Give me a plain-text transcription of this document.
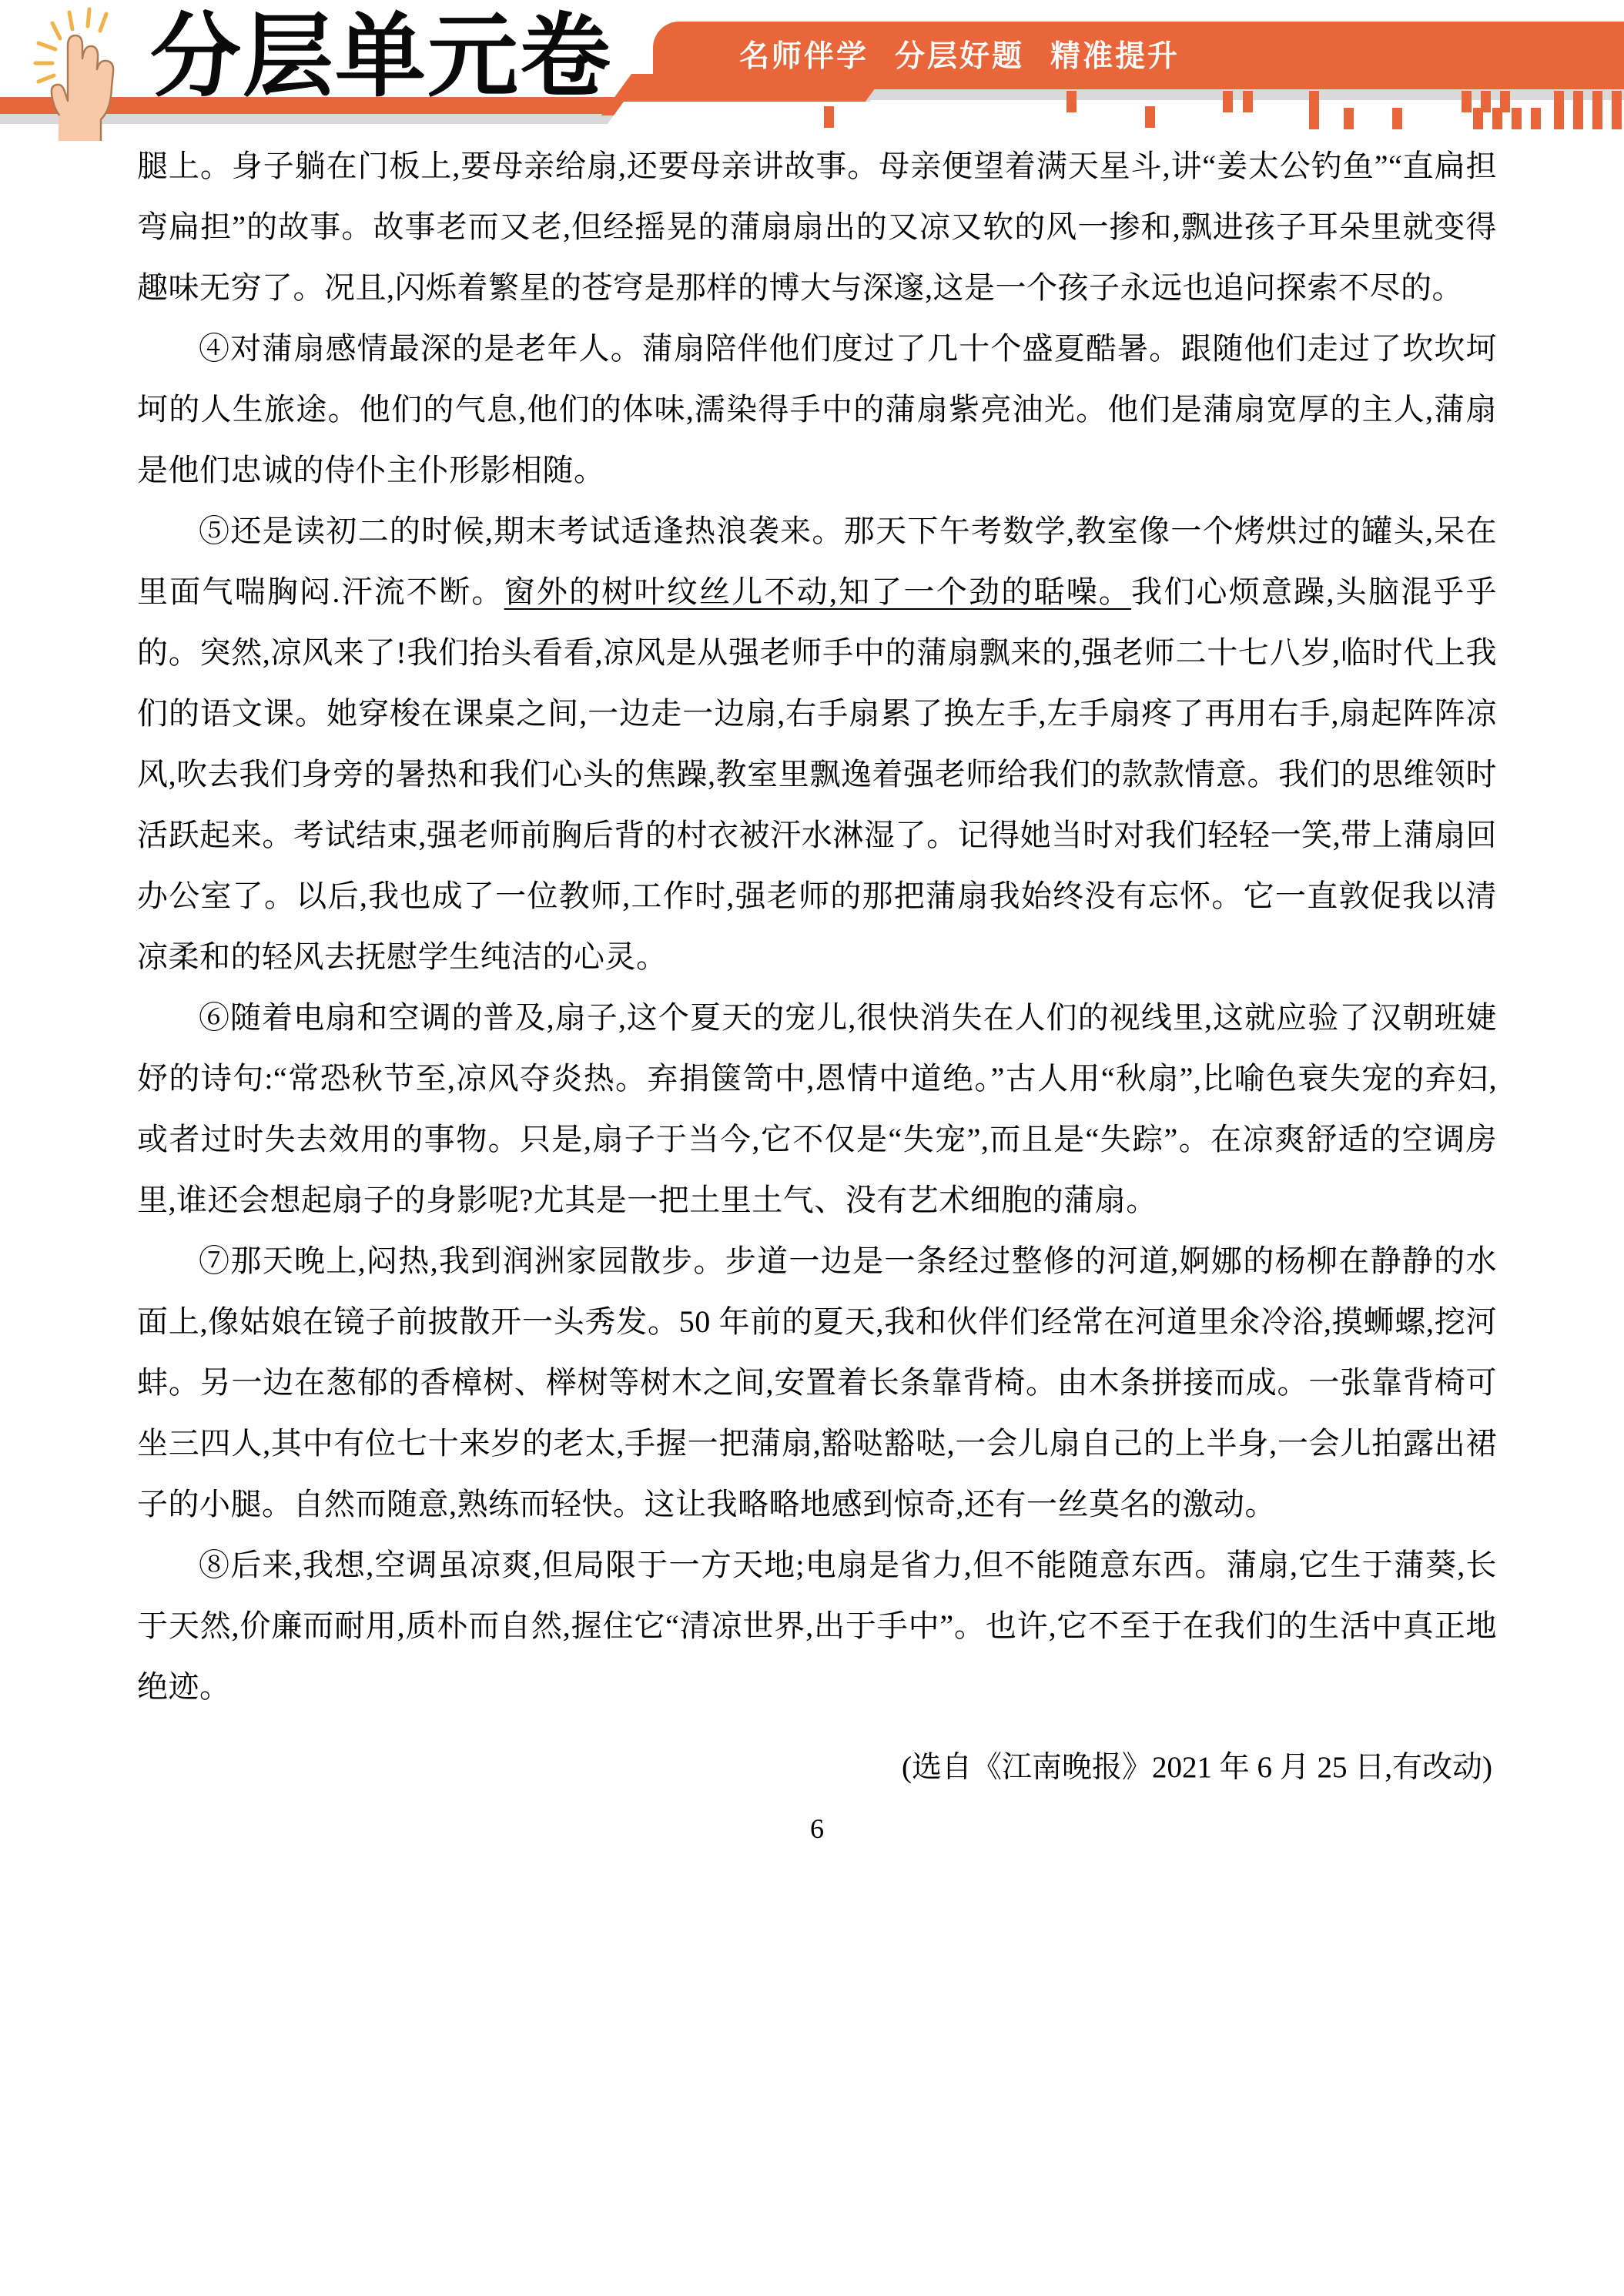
名师伴学 分层好题 精准提升
分层单元卷
腿上。身子躺在门板上,要母亲给扇,还要母亲讲故事。母亲便望着满天星斗,讲“姜太公钓鱼”“直扁担弯扁担”的故事。故事老而又老,但经摇晃的蒲扇扇出的又凉又软的风一掺和,飘进孩子耳朵里就变得趣味无穷了。况且,闪烁着繁星的苍穹是那样的博大与深邃,这是一个孩子永远也追问探索不尽的。
④对蒲扇感情最深的是老年人。蒲扇陪伴他们度过了几十个盛夏酷暑。跟随他们走过了坎坎坷坷的人生旅途。他们的气息,他们的体味,濡染得手中的蒲扇紫亮油光。他们是蒲扇宽厚的主人,蒲扇是他们忠诚的侍仆主仆形影相随。
⑤还是读初二的时候,期末考试适逢热浪袭来。那天下午考数学,教室像一个烤烘过的罐头,呆在里面气喘胸闷.汗流不断。窗外的树叶纹丝儿不动,知了一个劲的聒噪。我们心烦意躁,头脑混乎乎的。突然,凉风来了!我们抬头看看,凉风是从强老师手中的蒲扇飘来的,强老师二十七八岁,临时代上我们的语文课。她穿梭在课桌之间,一边走一边扇,右手扇累了换左手,左手扇疼了再用右手,扇起阵阵凉风,吹去我们身旁的暑热和我们心头的焦躁,教室里飘逸着强老师给我们的款款情意。我们的思维领时活跃起来。考试结束,强老师前胸后背的村衣被汗水淋湿了。记得她当时对我们轻轻一笑,带上蒲扇回办公室了。以后,我也成了一位教师,工作时,强老师的那把蒲扇我始终没有忘怀。它一直敦促我以清凉柔和的轻风去抚慰学生纯洁的心灵。
⑥随着电扇和空调的普及,扇子,这个夏天的宠儿,很快消失在人们的视线里,这就应验了汉朝班婕妤的诗句:“常恐秋节至,凉风夺炎热。弃捐箧笥中,恩情中道绝。”古人用“秋扇”,比喻色衰失宠的弃妇,或者过时失去效用的事物。只是,扇子于当今,它不仅是“失宠”,而且是“失踪”。在凉爽舒适的空调房里,谁还会想起扇子的身影呢?尤其是一把土里土气、没有艺术细胞的蒲扇。
⑦那天晚上,闷热,我到润洲家园散步。步道一边是一条经过整修的河道,婀娜的杨柳在静静的水面上,像姑娘在镜子前披散开一头秀发。50 年前的夏天,我和伙伴们经常在河道里氽冷浴,摸蛳螺,挖河蚌。另一边在葱郁的香樟树、榉树等树木之间,安置着长条靠背椅。由木条拼接而成。一张靠背椅可坐三四人,其中有位七十来岁的老太,手握一把蒲扇,豁哒豁哒,一会儿扇自己的上半身,一会儿拍露出裙子的小腿。自然而随意,熟练而轻快。这让我略略地感到惊奇,还有一丝莫名的激动。
⑧后来,我想,空调虽凉爽,但局限于一方天地;电扇是省力,但不能随意东西。蒲扇,它生于蒲葵,长于天然,价廉而耐用,质朴而自然,握住它“清凉世界,出于手中”。也许,它不至于在我们的生活中真正地绝迹。
(选自《江南晚报》2021 年 6 月 25 日,有改动)
6
